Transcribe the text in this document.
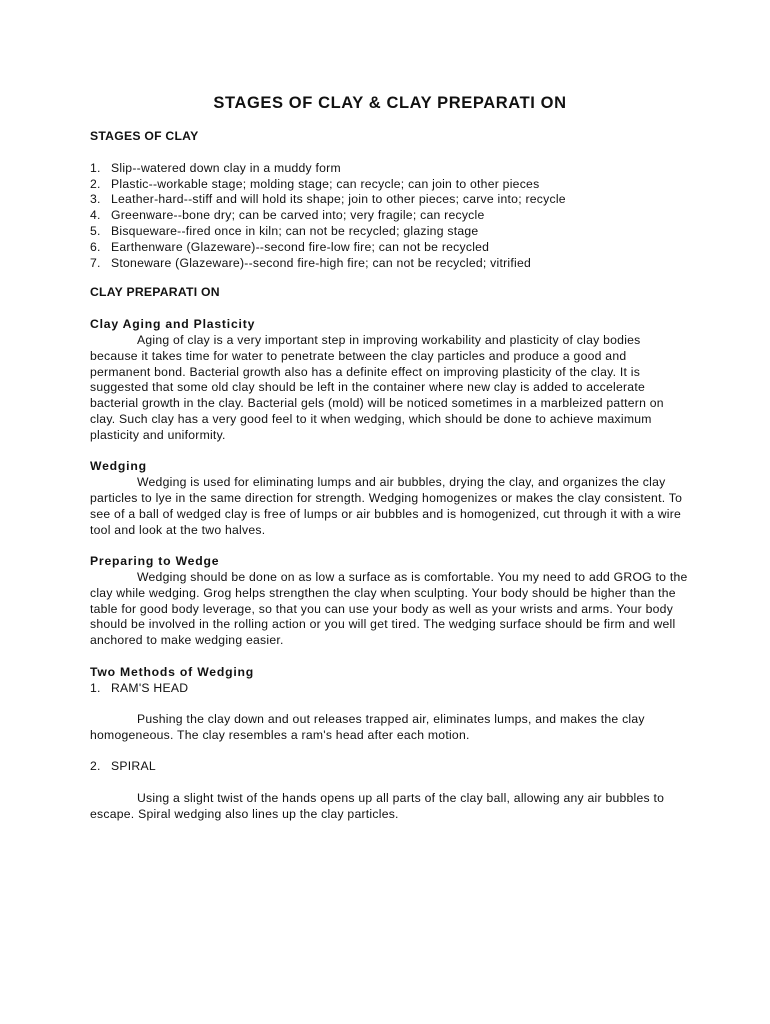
STAGES OF CLAY & CLAY PREPARATI ON

STAGES OF CLAY

1. Slip--watered down clay in a muddy form
2. Plastic--workable stage; molding stage; can recycle; can join to other pieces
3. Leather-hard--stiff and will hold its shape; join to other pieces; carve into; recycle
4. Greenware--bone dry; can be carved into; very fragile; can recycle
5. Bisqueware--fired once in kiln; can not be recycled; glazing stage
6. Earthenware (Glazeware)--second fire-low fire; can not be recycled
7. Stoneware (Glazeware)--second fire-high fire; can not be recycled; vitrified

CLAY PREPARATI ON

Clay Aging and Plasticity

Aging of clay is a very important step in improving workability and plasticity of clay bodies because it takes time for water to penetrate between the clay particles and produce a good and permanent bond. Bacterial growth also has a definite effect on improving plasticity of the clay. It is suggested that some old clay should be left in the container where new clay is added to accelerate bacterial growth in the clay. Bacterial gels (mold) will be noticed sometimes in a marbleized pattern on clay. Such clay has a very good feel to it when wedging, which should be done to achieve maximum plasticity and uniformity.

Wedging

Wedging is used for eliminating lumps and air bubbles, drying the clay, and organizes the clay particles to lye in the same direction for strength. Wedging homogenizes or makes the clay consistent. To see of a ball of wedged clay is free of lumps or air bubbles and is homogenized, cut through it with a wire tool and look at the two halves.

Preparing to Wedge

Wedging should be done on as low a surface as is comfortable. You my need to add GROG to the clay while wedging. Grog helps strengthen the clay when sculpting. Your body should be higher than the table for good body leverage, so that you can use your body as well as your wrists and arms. Your body should be involved in the rolling action or you will get tired. The wedging surface should be firm and well anchored to make wedging easier.

Two Methods of Wedging

1. RAM'S HEAD

Pushing the clay down and out releases trapped air, eliminates lumps, and makes the clay homogeneous. The clay resembles a ram's head after each motion.

2. SPIRAL

Using a slight twist of the hands opens up all parts of the clay ball, allowing any air bubbles to escape. Spiral wedging also lines up the clay particles.
